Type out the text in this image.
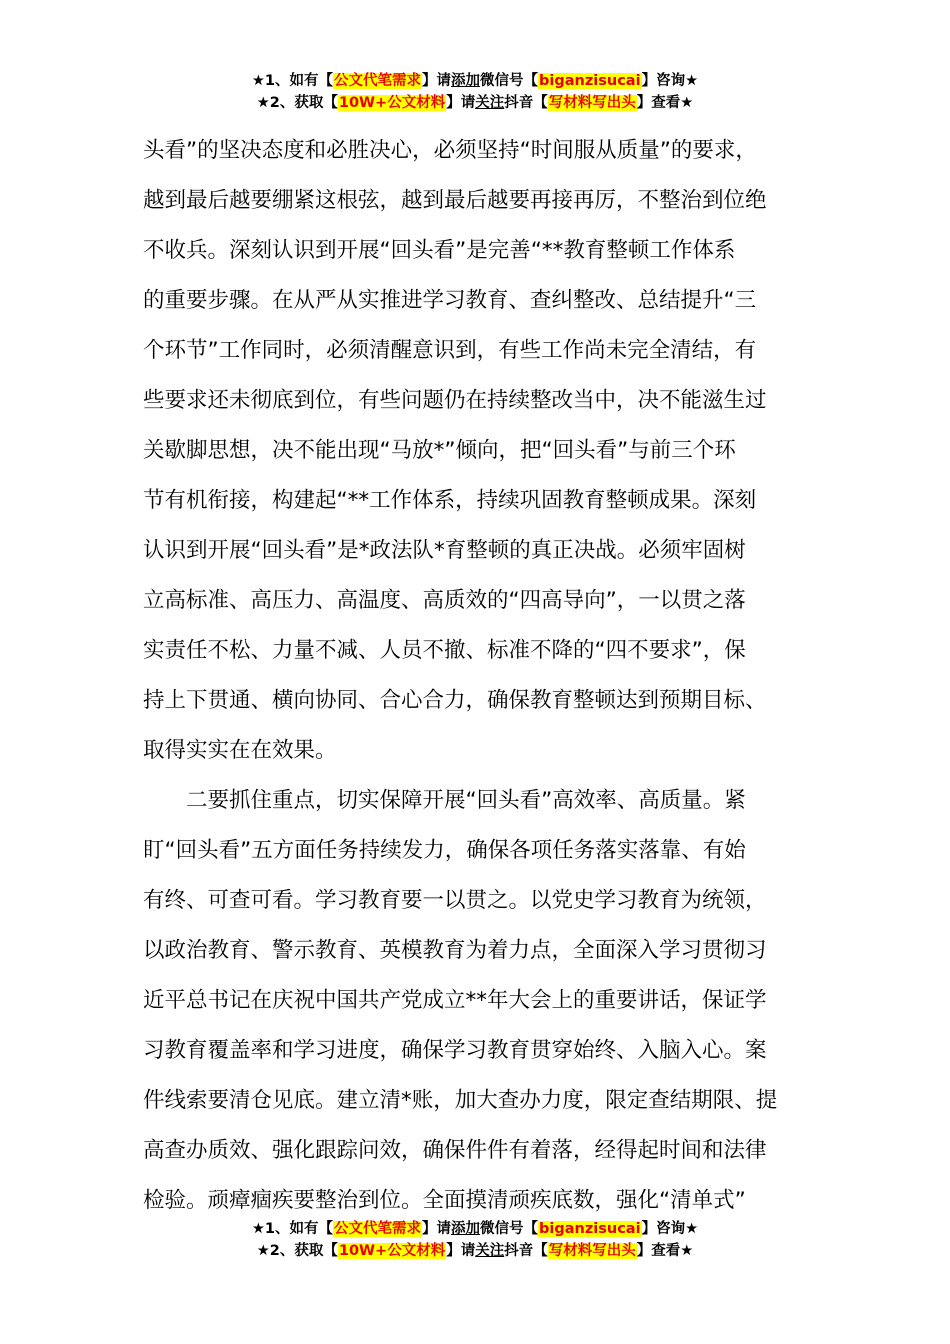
★1、如有【公文代笔需求】请添加微信号【biganzisucai】咨询★
★2、获取【10W+公文材料】请关注抖音【写材料写出头】查看★

头看”的坚决态度和必胜决心，必须坚持“时间服从质量”的要求，
越到最后越要绷紧这根弦，越到最后越要再接再厉，不整治到位绝
不收兵。深刻认识到开展“回头看”是完善“**教育整顿工作体系
的重要步骤。在从严从实推进学习教育、查纠整改、总结提升“三
个环节”工作同时，必须清醒意识到，有些工作尚未完全清结，有
些要求还未彻底到位，有些问题仍在持续整改当中，决不能滋生过
关歇脚思想，决不能出现“马放*”倾向，把“回头看”与前三个环
节有机衔接，构建起“**工作体系，持续巩固教育整顿成果。深刻
认识到开展“回头看”是*政法队*育整顿的真正决战。必须牢固树
立高标准、高压力、高温度、高质效的“四高导向”，一以贯之落
实责任不松、力量不减、人员不撤、标准不降的“四不要求”，保
持上下贯通、横向协同、合心合力，确保教育整顿达到预期目标、
取得实实在在效果。

　　二要抓住重点，切实保障开展“回头看”高效率、高质量。紧
盯“回头看”五方面任务持续发力，确保各项任务落实落靠、有始
有终、可查可看。学习教育要一以贯之。以党史学习教育为统领，
以政治教育、警示教育、英模教育为着力点，全面深入学习贯彻习
近平总书记在庆祝中国共产党成立**年大会上的重要讲话，保证学
习教育覆盖率和学习进度，确保学习教育贯穿始终、入脑入心。案
件线索要清仓见底。建立清*账，加大查办力度，限定查结期限、提
高查办质效、强化跟踪问效，确保件件有着落，经得起时间和法律
检验。顽瘴痼疾要整治到位。全面摸清顽疾底数，强化“清单式”

★1、如有【公文代笔需求】请添加微信号【biganzisucai】咨询★
★2、获取【10W+公文材料】请关注抖音【写材料写出头】查看★
